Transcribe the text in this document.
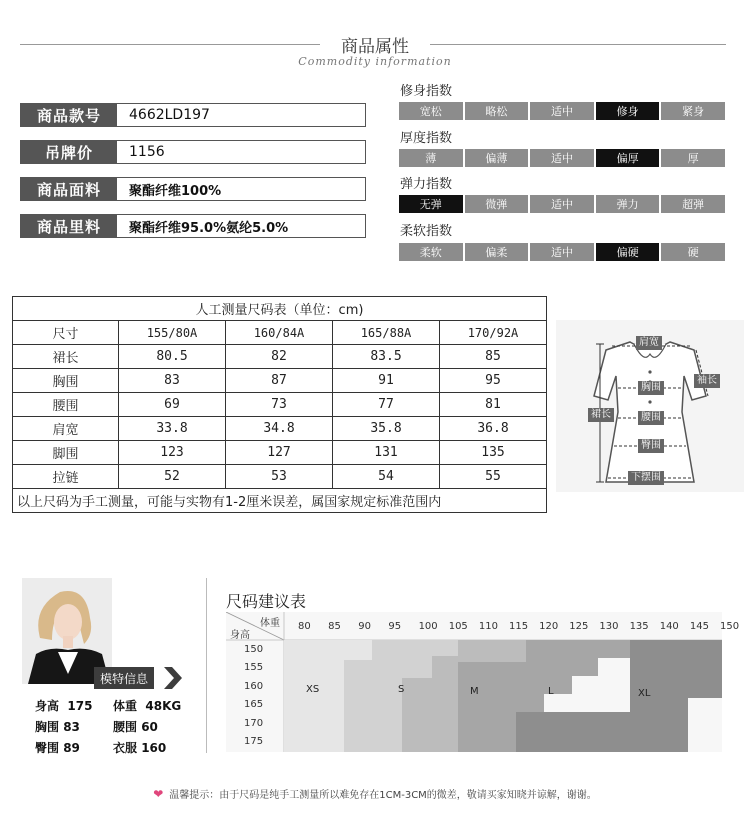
商品属性
Commodity information
商品款号	4662LD197
吊牌价	1156
商品面料	聚酯纤维100%
商品里料	聚酯纤维95.0%氨纶5.0%
修身指数
宽松	略松	适中	修身	紧身
厚度指数
薄	偏薄	适中	偏厚	厚
弹力指数
无弹	微弹	适中	弹力	超弹
柔软指数
柔软	偏柔	适中	偏硬	硬
人工测量尺码表（单位：cm)				
尺寸	155/80A	160/84A	165/88A	170/92A
裙长	80.5	82	83.5	85
胸围	83	87	91	95
腰围	69	73	77	81
肩宽	33.8	34.8	35.8	36.8
脚围	123	127	131	135
拉链	52	53	54	55
以上尺码为手工测量，可能与实物有1-2厘米误差，属国家规定标准范围内				
肩宽
袖长
胸围
裙长	腰围
臀围
下摆围
模特信息
身高 175 体重 48KG
胸围 83	腰围 60
臀围 89	衣服 160
尺码建议表
体重
身高
80 85 90 95 100 105 110 115 120 125 130 135 140 145 150
150
155
160
165
170
175
XS	S	M	L	XL
❤ 温馨提示：由于尺码是纯手工测量所以难免存在1CM-3CM的微差，敬请买家知晓并谅解，谢谢。
